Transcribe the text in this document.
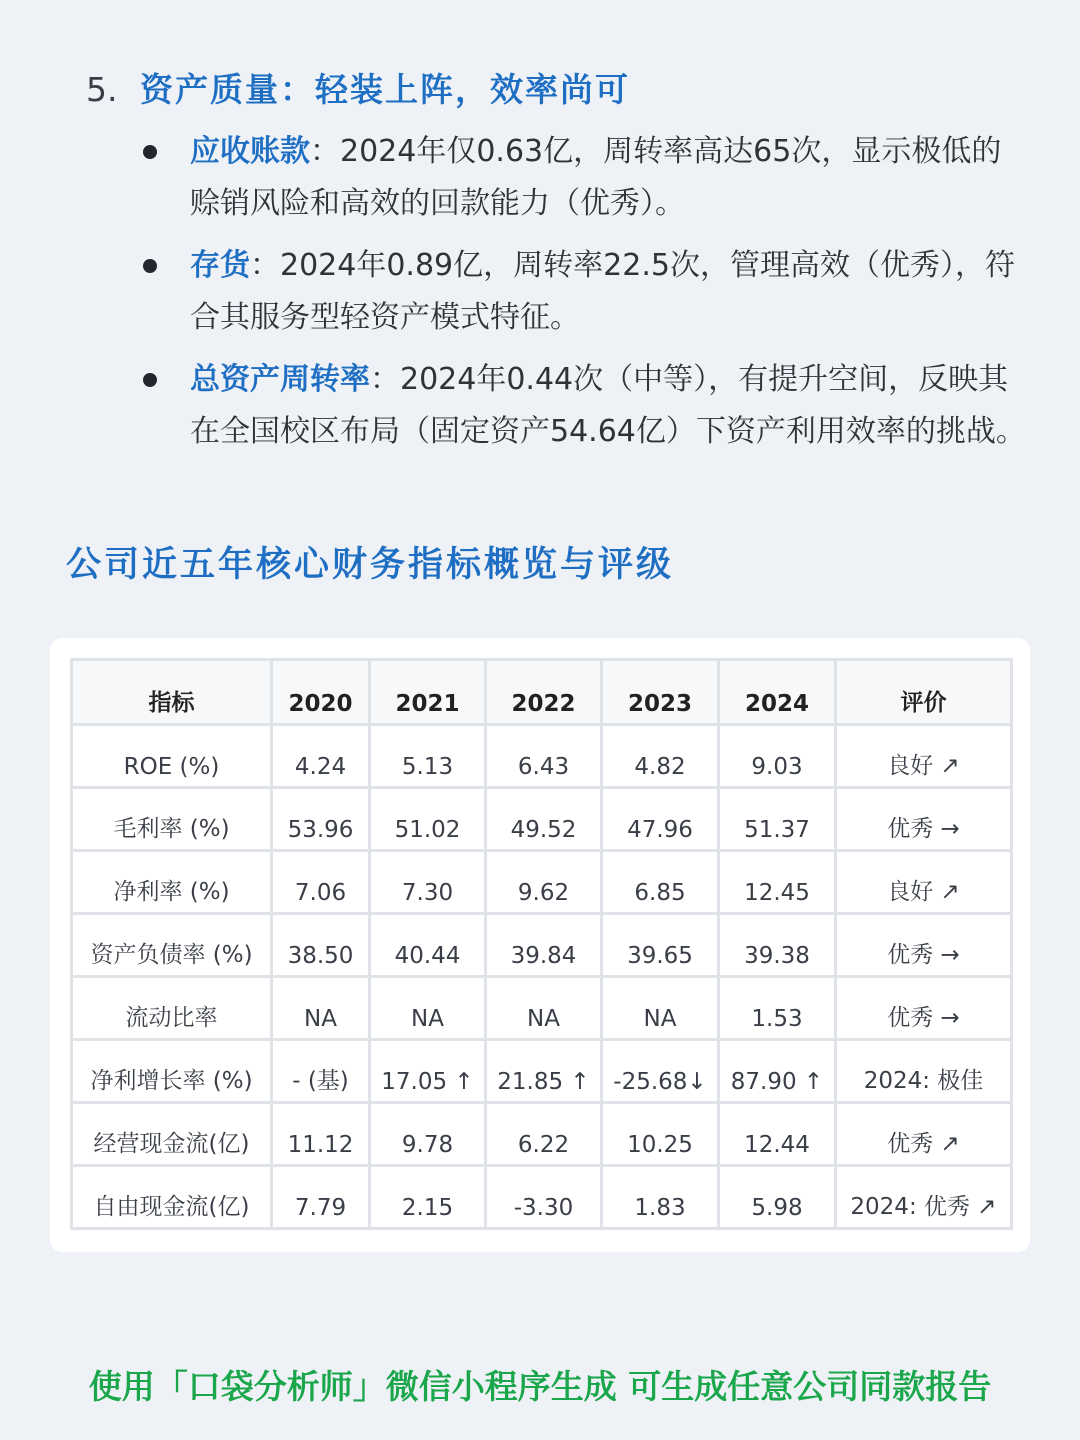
5. 资产质量：轻装上阵，效率尚可
应收账款：2024年仅0.63亿，周转率高达65次，显示极低的赊销风险和高效的回款能力（优秀）。
存货：2024年0.89亿，周转率22.5次，管理高效（优秀），符合其服务型轻资产模式特征。
总资产周转率：2024年0.44次（中等），有提升空间，反映其在全国校区布局（固定资产54.64亿）下资产利用效率的挑战。
公司近五年核心财务指标概览与评级
指标	2020	2021	2022	2023	2024	评价
ROE (%)	4.24	5.13	6.43	4.82	9.03	良好 ↗
毛利率 (%)	53.96	51.02	49.52	47.96	51.37	优秀 →
净利率 (%)	7.06	7.30	9.62	6.85	12.45	良好 ↗
资产负债率 (%)	38.50	40.44	39.84	39.65	39.38	优秀 →
流动比率	NA	NA	NA	NA	1.53	优秀 →
净利增长率 (%)	- (基)	17.05 ↑	21.85 ↑	-25.68↓	87.90 ↑	2024: 极佳
经营现金流(亿)	11.12	9.78	6.22	10.25	12.44	优秀 ↗
自由现金流(亿)	7.79	2.15	-3.30	1.83	5.98	2024: 优秀 ↗
使用「口袋分析师」微信小程序生成 可生成任意公司同款报告
